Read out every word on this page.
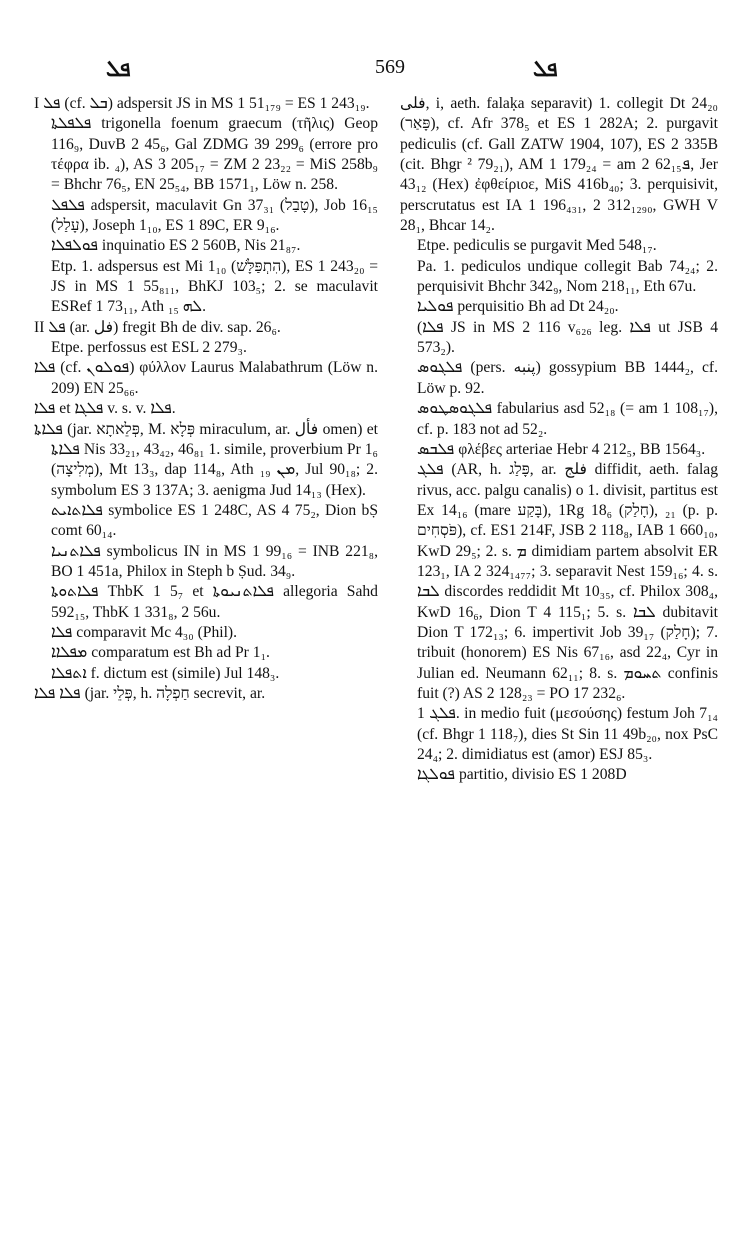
ܦܠ	569	ܦܠ

I ܦܠ (cf. ܒܠ) adspersit JS in MS 1 51₁₇₉ = ES 1 243₁₉.

ܦܠܦܠܬܐ trigonella foenum graecum (τῆλις) Geop 116₉, DuvB 2 45₆, Gal ZDMG 39 299₆ (errore pro τέφρα ib. ₄), AS 3 205₁₇ = ZM 2 23₂₂ = MiS 258b₉ = Bhchr 76₅, EN 25₅₄, BB 1571₁, Löw n. 258.

ܦܠܦܠ adspersit, maculavit Gn 37₃₁ (טָבַל), Job 16₁₅ (עָלַל), Joseph 1₁₀, ES 1 89C, ER 9₁₆.

ܦܘܠܦܠܐ inquinatio ES 2 560B, Nis 21₈₇.

Etp. 1. adspersus est Mi 1₁₀ (הִתְפַּלָּשׁ), ES 1 243₂₀ = JS in MS 1 55₈₁₁, BhKJ 103₅; 2. se maculavit ESRef 1 73₁₁, Ath ܠܗ ₁₅.

II ܦܠ (ar. فل) fregit Bh de div. sap. 26₆.

Etpe. perfossus est ESL 2 279₃.

ܦܠܐ (cf. ܦܘܠܘܢ) φύλλον Laurus Malabathrum (Löw n. 209) EN 25₆₆.

ܦܠܐ et ܦܠܓܐ v. s. v. ܦܠܐ.

ܦܠܐܬܐ (jar. פְּלֵאתָא, M. פְּלָא miraculum, ar. فأل omen) et ܦܠܐܬܐ Nis 33₂₁, 43₄₂, 46₈₁ 1. simile, proverbium Pr 1₆ (מְלִיצָה), Mt 13₃, dap 114₈, Ath ܡܢ ₁₉, Jul 90₁₈; 2. symbolum ES 3 137A; 3. aenigma Jud 14₁₃ (Hex).

ܦܠܐܬܐܝܬ symbolice ES 1 248C, AS 4 75₂, Dion bṢ comt 60₁₄.

ܦܠܐܬܢܝܐ symbolicus IN in MS 1 99₁₆ = INB 221₈, BO 1 451a, Philox in Steph b Ṣud. 34₉.

ܦܠܐܬܘܬܐ ThbK 1 5₇ et ܦܠܐܬܢܝܘܬܐ allegoria Sahd 592₁₅, ThbK 1 331₈, 2 56u.

ܦܠܐ comparavit Mc 4₃₀ (Phil).

ܡܦܠܐܐ comparatum est Bh ad Pr 1₁.

ܐܬܦܠܐ f. dictum est (simile) Jul 148₃.

ܦܠܐ ܦܠܐ (jar. פְּלֵי, h. חַפְלָה secrevit, ar.

فلى, i, aeth. falaḳa separavit) 1. collegit Dt 24₂₀ (פָּאַר), cf. Afr 378₅ et ES 1 282A; 2. purgavit pediculis (cf. Gall ZATW 1904, 107), ES 2 335B (cit. Bhgr ² 79₂₁), AM 1 179₂₄ = am 2 ܦ62₁₅, Jer 43₁₂ (Hex) ἐφθείριοε, MiS 416b₄₀; 3. perquisivit, perscrutatus est IA 1 196₄₃₁, 2 312₁₂₉₀, GWH V 28₁, Bhcar 14₂.

Etpe. pediculis se purgavit Med 548₁₇.

Pa. 1. pediculos undique collegit Bab 74₂₄; 2. perquisivit Bhchr 342₉, Nom 218₁₁, Eth 67u.

ܦܘܠܝܐ perquisitio Bh ad Dt 24₂₀.

(ܦܠܐ JS in MS 2 116 v₆₂₆ leg. ܦܠܐ ut JSB 4 573₂).

ܦܠܓܘܣ (pers. پنبه) gossypium BB 1444₂, cf. Löw p. 92.

ܦܠܓܘܣܛܘܣ fabularius asd 52₁₈ (= am 1 108₁₇), cf. p. 183 not ad 52₂.

ܦܠܒܣ φλέβες arteriae Hebr 4 212₅, BB 1564₃.

ܦܠܓ (AR, h. פָּלַג, ar. فلج diffidit, aeth. falag rivus, acc. palgu canalis) o 1. divisit, partitus est Ex 14₁₆ (mare בָּקַע), 1Rg 18₆ (חָלַק), ₂₁ (p. p. פֹּסְחִים), cf. ES1 214F, JSB 2 118₈, IAB 1 660₁₀, KwD 29₅; 2. s. ܡ dimidiam partem absolvit ER 123₁, IA 2 324₁₄₇₇; 3. separavit Nest 159₁₆; 4. s. ܠܒܐ discordes reddidit Mt 10₃₅, cf. Philox 308₄, KwD 16₆, Dion T 4 115₁; 5. s. ܠܒܐ dubitavit Dion T 172₁₃; 6. impertivit Job 39₁₇ (חָלַק); 7. tribuit (honorem) ES Nis 67₁₆, asd 22₄, Cyr in Julian ed. Neumann 62₁₁; 8. s. ܬܚܘܡ confinis fuit (?) AS 2 128₂₃ = PO 17 232₆.

ܦܠܓ 1. in medio fuit (μεσούσης) festum Joh 7₁₄ (cf. Bhgr 1 118₇), dies St Sin 11 49b₂₀, nox PsC 24₄; 2. dimidiatus est (amor) ESJ 85₃.

ܦܘܠܓܐ partitio, divisio ES 1 208D
